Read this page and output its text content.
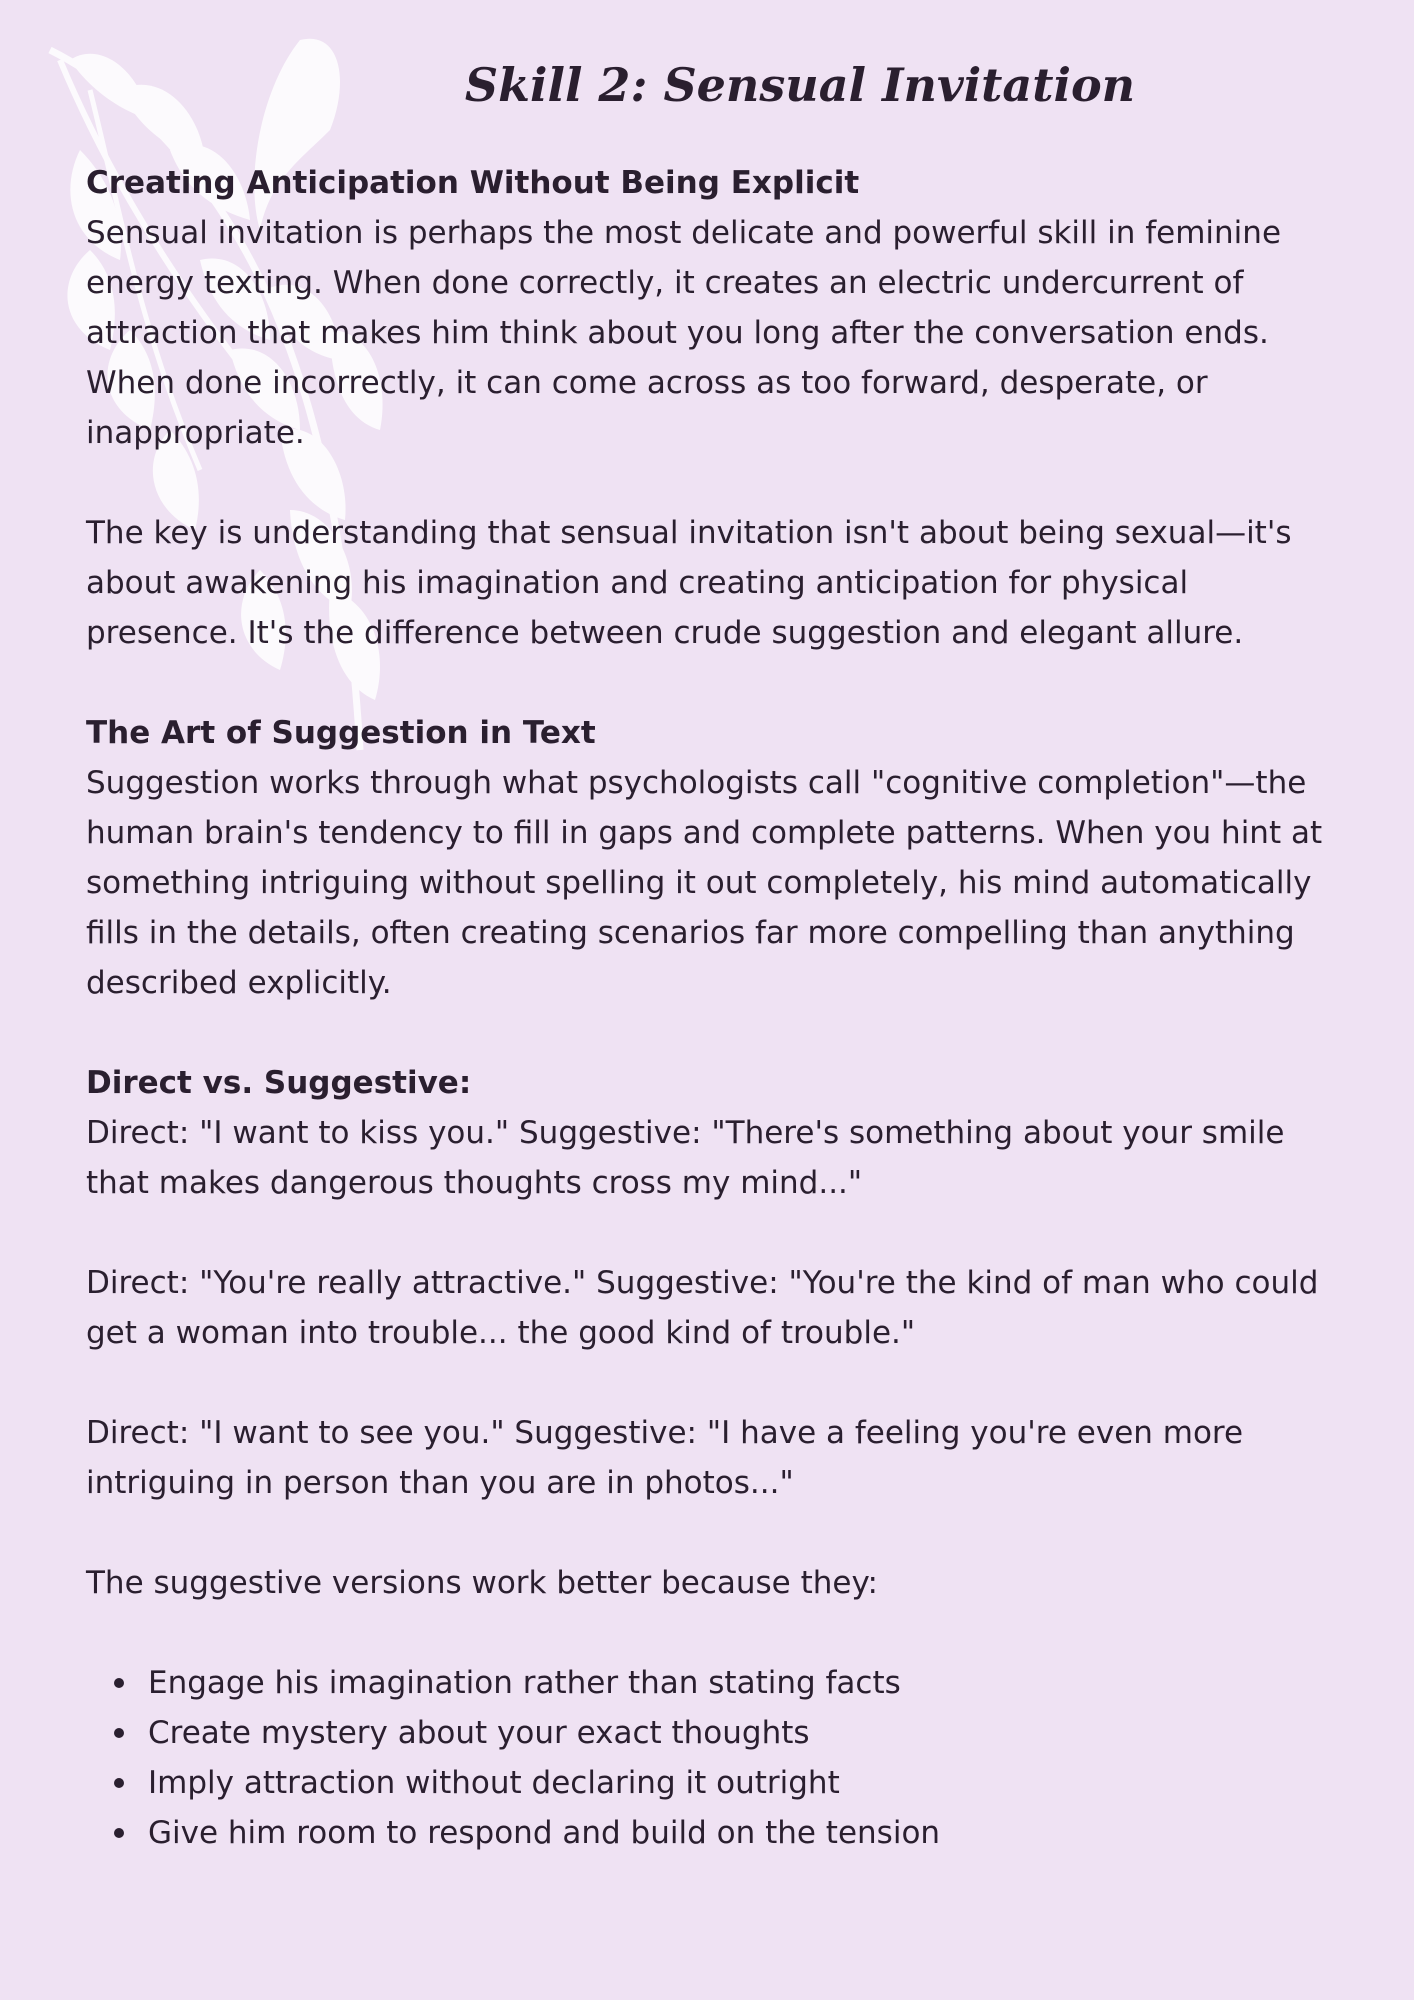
Skill 2: Sensual Invitation
Creating Anticipation Without Being Explicit

Sensual invitation is perhaps the most delicate and powerful skill in feminine energy texting. When done correctly, it creates an electric undercurrent of attraction that makes him think about you long after the conversation ends. When done incorrectly, it can come across as too forward, desperate, or inappropriate.

The key is understanding that sensual invitation isn't about being sexual—it's about awakening his imagination and creating anticipation for physical presence. It's the difference between crude suggestion and elegant allure.

The Art of Suggestion in Text

Suggestion works through what psychologists call "cognitive completion"—the human brain's tendency to fill in gaps and complete patterns. When you hint at something intriguing without spelling it out completely, his mind automatically fills in the details, often creating scenarios far more compelling than anything described explicitly.

Direct vs. Suggestive:

Direct: "I want to kiss you." Suggestive: "There's something about your smile that makes dangerous thoughts cross my mind..."

Direct: "You're really attractive." Suggestive: "You're the kind of man who could get a woman into trouble... the good kind of trouble."

Direct: "I want to see you." Suggestive: "I have a feeling you're even more intriguing in person than you are in photos..."

The suggestive versions work better because they:

Engage his imagination rather than stating facts
Create mystery about your exact thoughts
Imply attraction without declaring it outright
Give him room to respond and build on the tension
